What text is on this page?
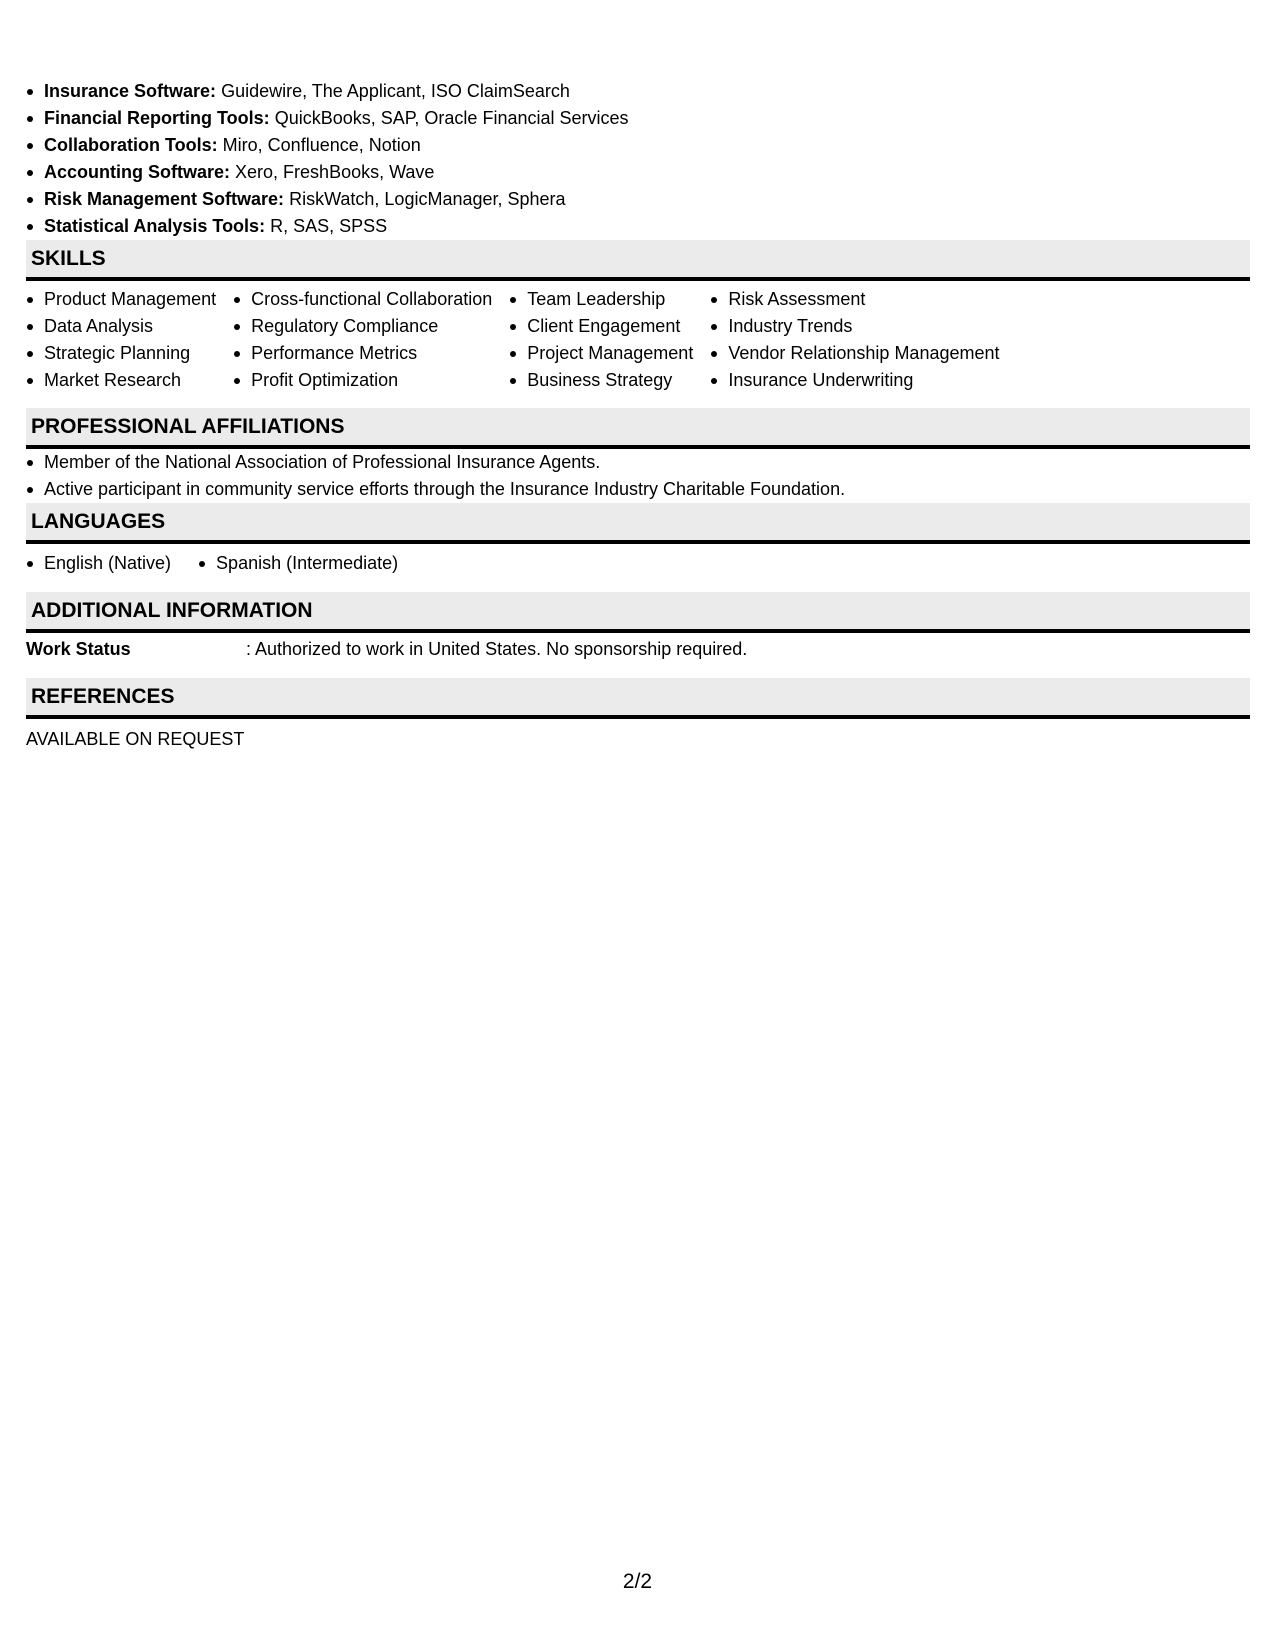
Insurance Software: Guidewire, The Applicant, ISO ClaimSearch
Financial Reporting Tools: QuickBooks, SAP, Oracle Financial Services
Collaboration Tools: Miro, Confluence, Notion
Accounting Software: Xero, FreshBooks, Wave
Risk Management Software: RiskWatch, LogicManager, Sphera
Statistical Analysis Tools: R, SAS, SPSS
SKILLS
Product Management
Data Analysis
Strategic Planning
Market Research
Cross-functional Collaboration
Regulatory Compliance
Performance Metrics
Profit Optimization
Team Leadership
Client Engagement
Project Management
Business Strategy
Risk Assessment
Industry Trends
Vendor Relationship Management
Insurance Underwriting
PROFESSIONAL AFFILIATIONS
Member of the National Association of Professional Insurance Agents.
Active participant in community service efforts through the Insurance Industry Charitable Foundation.
LANGUAGES
English (Native)	Spanish (Intermediate)
ADDITIONAL INFORMATION
Work Status	: Authorized to work in United States. No sponsorship required.
REFERENCES
AVAILABLE ON REQUEST
2/2
